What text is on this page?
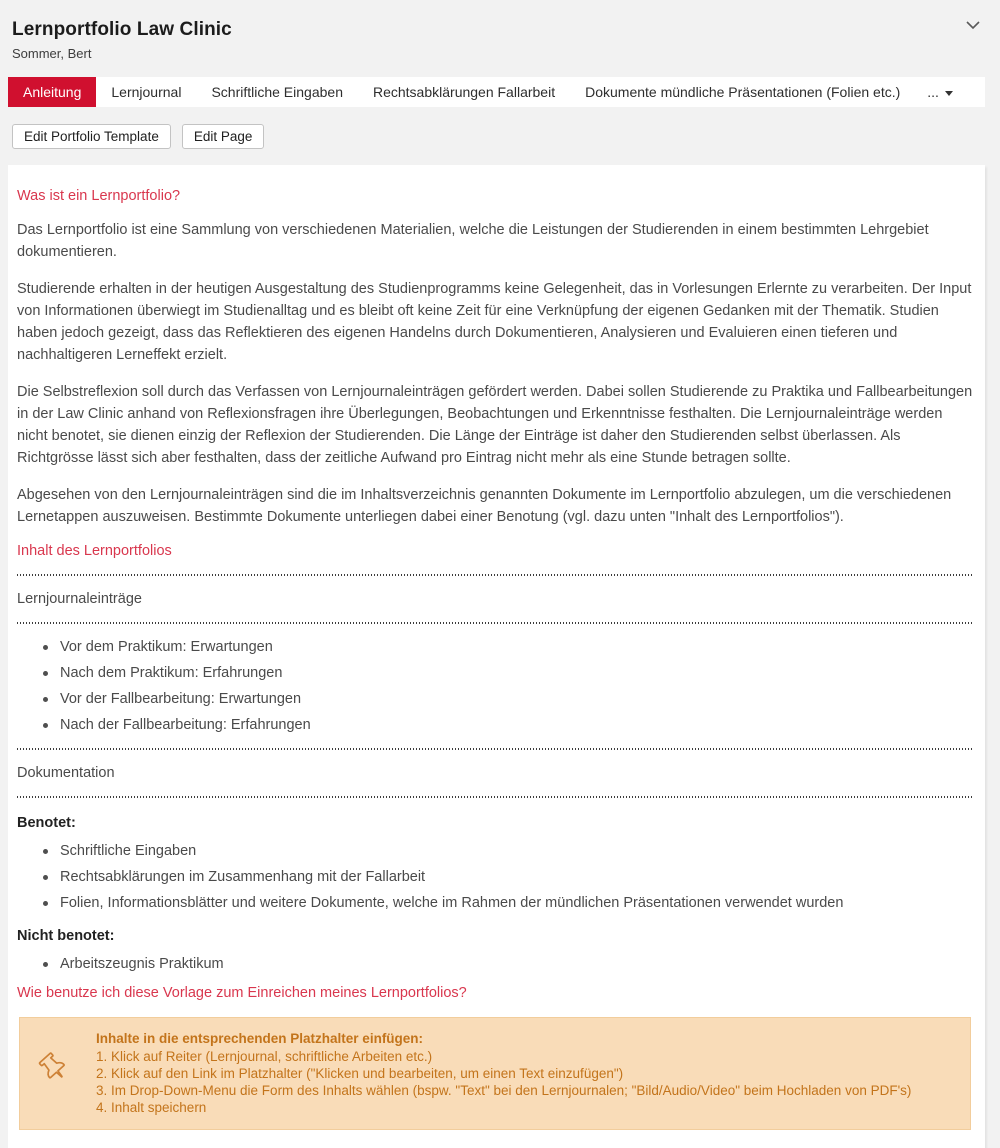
Lernportfolio Law Clinic
Sommer, Bert
Anleitung	Lernjournal	Schriftliche Eingaben	Rechtsabklärungen Fallarbeit	Dokumente mündliche Präsentationen (Folien etc.)	...
Edit Portfolio Template	Edit Page
Was ist ein Lernportfolio?

Das Lernportfolio ist eine Sammlung von verschiedenen Materialien, welche die Leistungen der Studierenden in einem bestimmten Lehrgebiet dokumentieren.

Studierende erhalten in der heutigen Ausgestaltung des Studienprogramms keine Gelegenheit, das in Vorlesungen Erlernte zu verarbeiten. Der Input von Informationen überwiegt im Studienalltag und es bleibt oft keine Zeit für eine Verknüpfung der eigenen Gedanken mit der Thematik. Studien haben jedoch gezeigt, dass das Reflektieren des eigenen Handelns durch Dokumentieren, Analysieren und Evaluieren einen tieferen und nachhaltigeren Lerneffekt erzielt.

Die Selbstreflexion soll durch das Verfassen von Lernjournaleinträgen gefördert werden. Dabei sollen Studierende zu Praktika und Fallbearbeitungen in der Law Clinic anhand von Reflexionsfragen ihre Überlegungen, Beobachtungen und Erkenntnisse festhalten. Die Lernjournaleinträge werden nicht benotet, sie dienen einzig der Reflexion der Studierenden. Die Länge der Einträge ist daher den Studierenden selbst überlassen. Als Richtgrösse lässt sich aber festhalten, dass der zeitliche Aufwand pro Eintrag nicht mehr als eine Stunde betragen sollte.

Abgesehen von den Lernjournaleinträgen sind die im Inhaltsverzeichnis genannten Dokumente im Lernportfolio abzulegen, um die verschiedenen Lernetappen auszuweisen. Bestimmte Dokumente unterliegen dabei einer Benotung (vgl. dazu unten "Inhalt des Lernportfolios").

Inhalt des Lernportfolios
Lernjournaleinträge
Vor dem Praktikum: Erwartungen
Nach dem Praktikum: Erfahrungen
Vor der Fallbearbeitung: Erwartungen
Nach der Fallbearbeitung: Erfahrungen
Dokumentation
Benotet:
Schriftliche Eingaben
Rechtsabklärungen im Zusammenhang mit der Fallarbeit
Folien, Informationsblätter und weitere Dokumente, welche im Rahmen der mündlichen Präsentationen verwendet wurden
Nicht benotet:
Arbeitszeugnis Praktikum
Wie benutze ich diese Vorlage zum Einreichen meines Lernportfolios?
Inhalte in die entsprechenden Platzhalter einfügen:
1. Klick auf Reiter (Lernjournal, schriftliche Arbeiten etc.)
2. Klick auf den Link im Platzhalter ("Klicken und bearbeiten, um einen Text einzufügen")
3. Im Drop-Down-Menu die Form des Inhalts wählen (bspw. "Text" bei den Lernjournalen; "Bild/Audio/Video" beim Hochladen von PDF's)
4. Inhalt speichern
